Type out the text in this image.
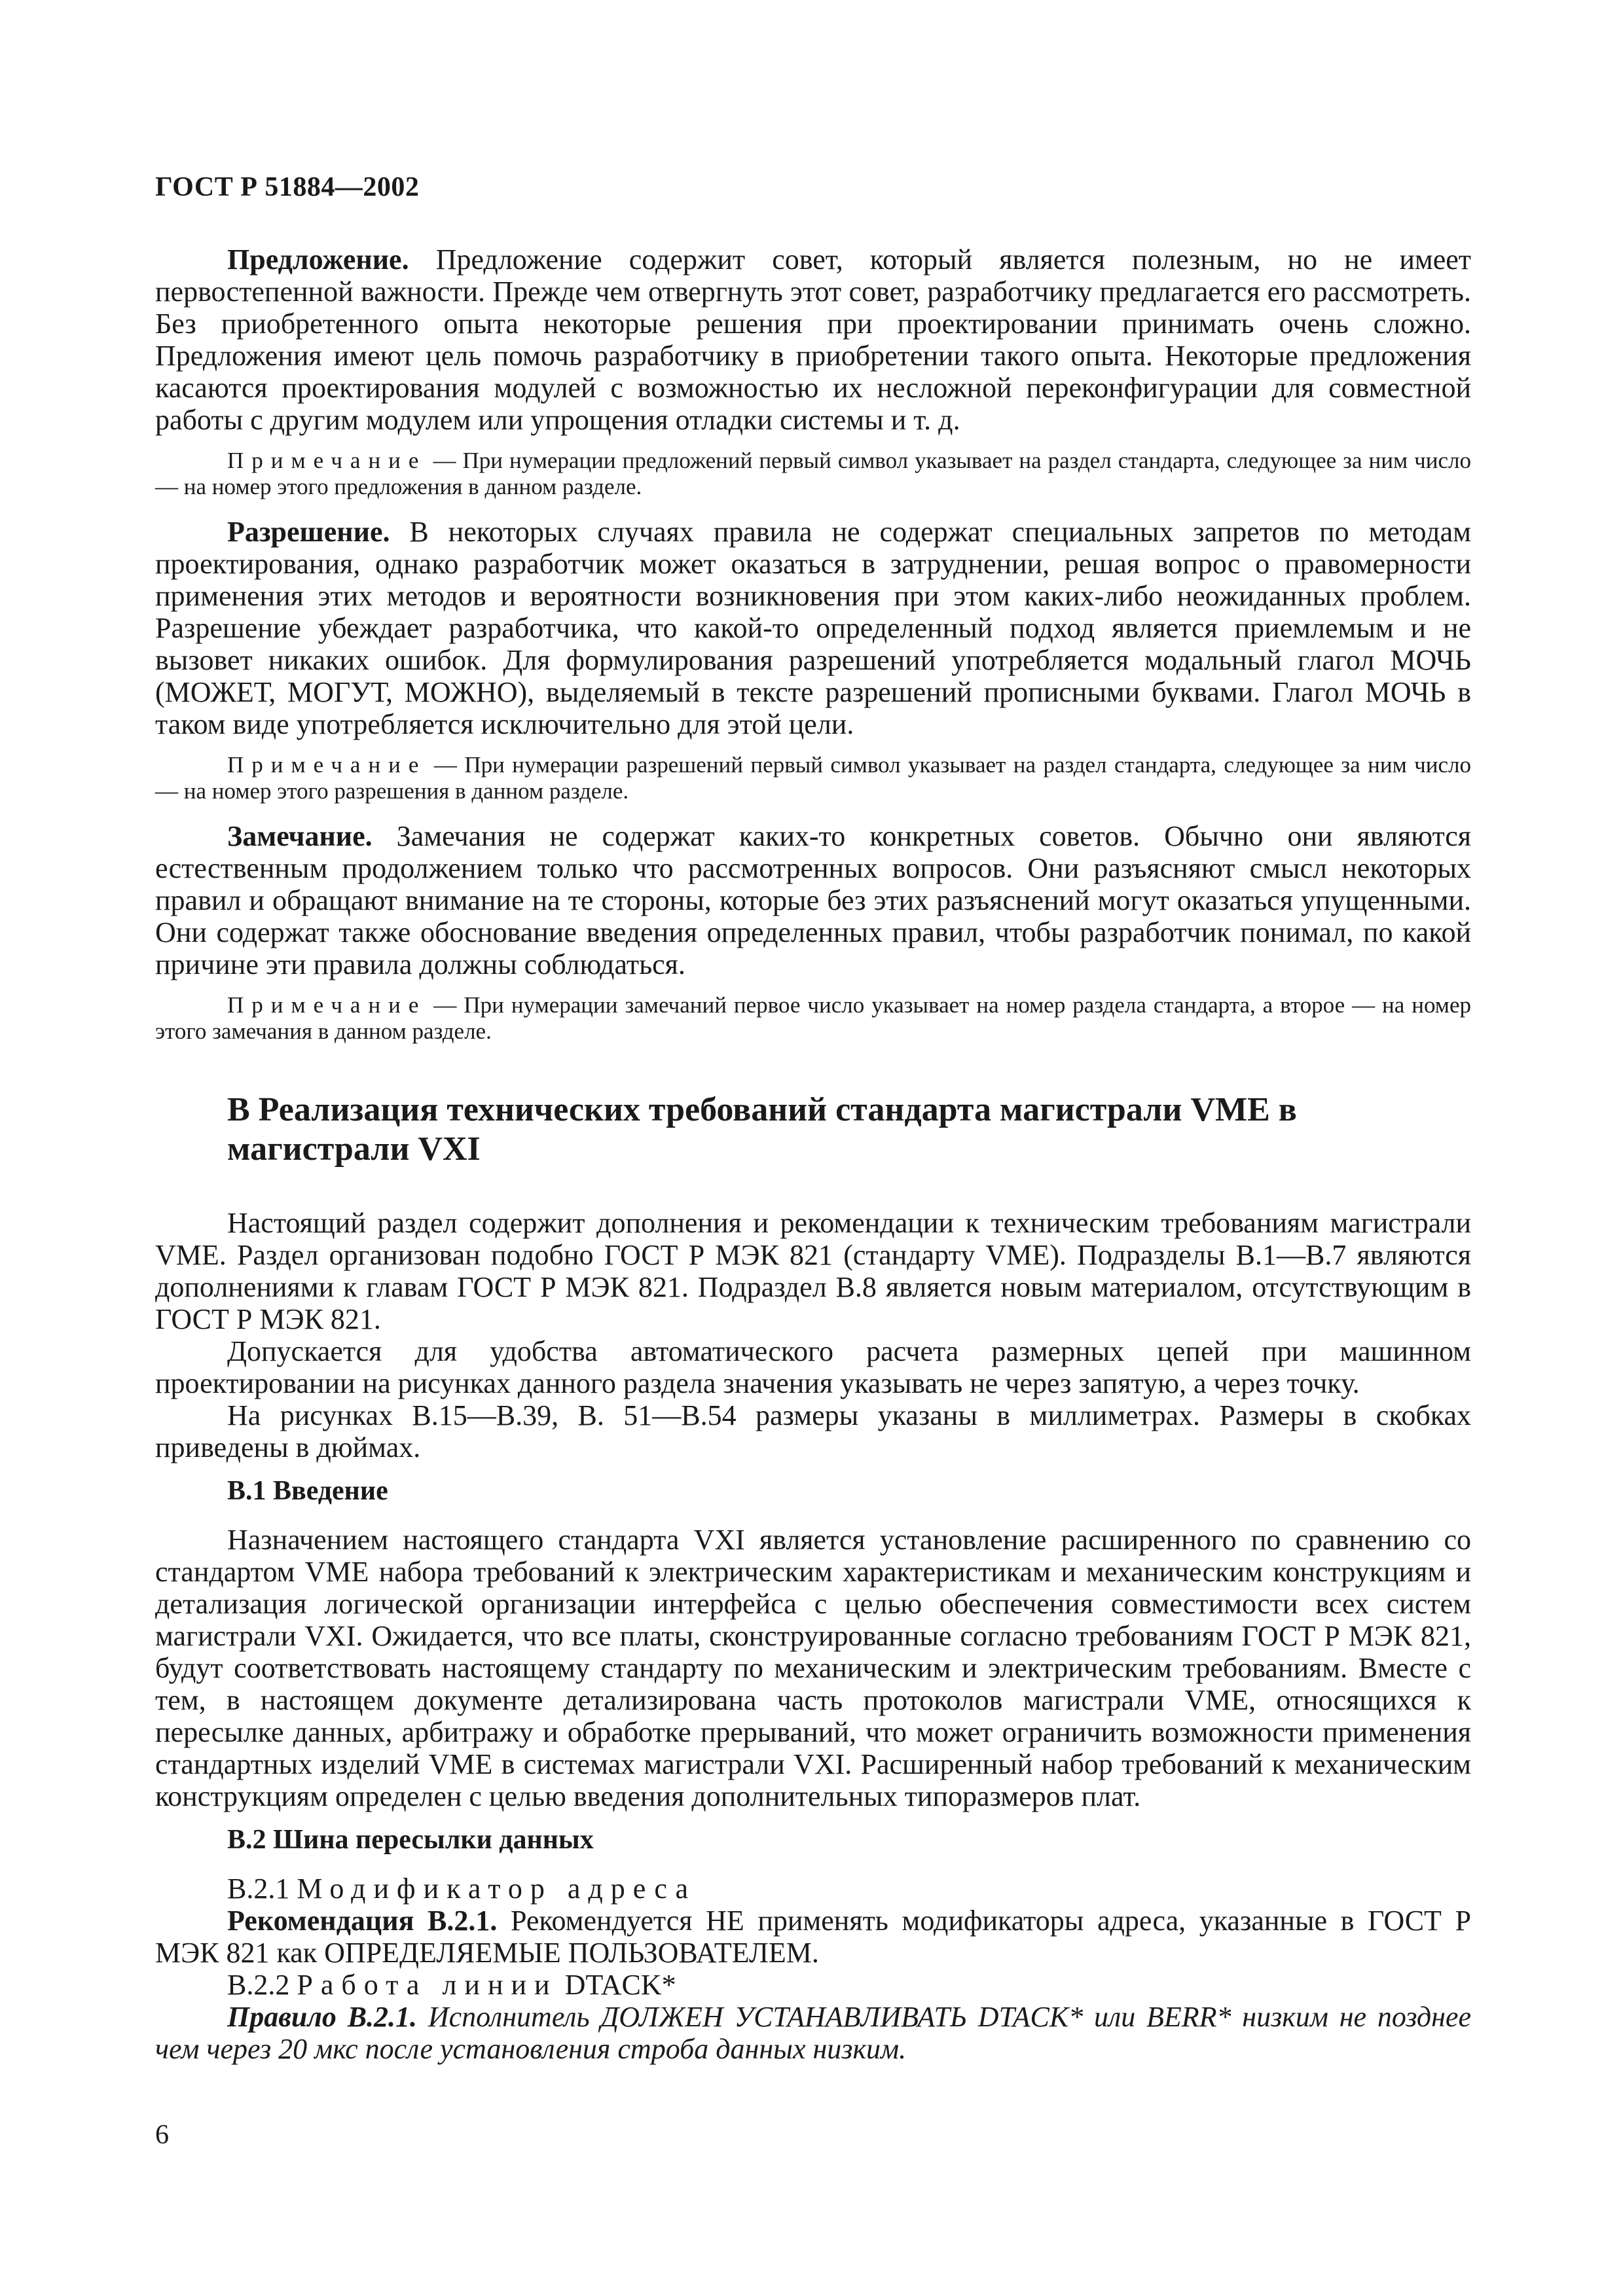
ГОСТ Р 51884—2002

Предложение. Предложение содержит совет, который является полезным, но не имеет первостепенной важности. Прежде чем отвергнуть этот совет, разработчику предлагается его рассмотреть. Без приобретенного опыта некоторые решения при проектировании принимать очень сложно. Предложения имеют цель помочь разработчику в приобретении такого опыта. Некоторые предложения касаются проектирования модулей с возможностью их несложной переконфигурации для совместной работы с другим модулем или упрощения отладки системы и т. д.

Примечание — При нумерации предложений первый символ указывает на раздел стандарта, следующее за ним число — на номер этого предложения в данном разделе.

Разрешение. В некоторых случаях правила не содержат специальных запретов по методам проектирования, однако разработчик может оказаться в затруднении, решая вопрос о правомерности применения этих методов и вероятности возникновения при этом каких-либо неожиданных проблем. Разрешение убеждает разработчика, что какой-то определенный подход является приемлемым и не вызовет никаких ошибок. Для формулирования разрешений употребляется модальный глагол МОЧЬ (МОЖЕТ, МОГУТ, МОЖНО), выделяемый в тексте разрешений прописными буквами. Глагол МОЧЬ в таком виде употребляется исключительно для этой цели.

Примечание — При нумерации разрешений первый символ указывает на раздел стандарта, следующее за ним число — на номер этого разрешения в данном разделе.

Замечание. Замечания не содержат каких-то конкретных советов. Обычно они являются естественным продолжением только что рассмотренных вопросов. Они разъясняют смысл некоторых правил и обращают внимание на те стороны, которые без этих разъяснений могут оказаться упущенными. Они содержат также обоснование введения определенных правил, чтобы разработчик понимал, по какой причине эти правила должны соблюдаться.

Примечание — При нумерации замечаний первое число указывает на номер раздела стандарта, а второе — на номер этого замечания в данном разделе.

В Реализация технических требований стандарта магистрали VME в магистрали VXI

Настоящий раздел содержит дополнения и рекомендации к техническим требованиям магистрали VME. Раздел организован подобно ГОСТ Р МЭК 821 (стандарту VME). Подразделы В.1—В.7 являются дополнениями к главам ГОСТ Р МЭК 821. Подраздел В.8 является новым материалом, отсутствующим в ГОСТ Р МЭК 821.

Допускается для удобства автоматического расчета размерных цепей при машинном проектировании на рисунках данного раздела значения указывать не через запятую, а через точку.

На рисунках В.15—В.39, В. 51—В.54 размеры указаны в миллиметрах. Размеры в скобках приведены в дюймах.

В.1 Введение

Назначением настоящего стандарта VXI является установление расширенного по сравнению со стандартом VME набора требований к электрическим характеристикам и механическим конструкциям и детализация логической организации интерфейса с целью обеспечения совместимости всех систем магистрали VXI. Ожидается, что все платы, сконструированные согласно требованиям ГОСТ Р МЭК 821, будут соответствовать настоящему стандарту по механическим и электрическим требованиям. Вместе с тем, в настоящем документе детализирована часть протоколов магистрали VME, относящихся к пересылке данных, арбитражу и обработке прерываний, что может ограничить возможности применения стандартных изделий VME в системах магистрали VXI. Расширенный набор требований к механическим конструкциям определен с целью введения дополнительных типоразмеров плат.

В.2 Шина пересылки данных

В.2.1 Модификатор адреса

Рекомендация В.2.1. Рекомендуется НЕ применять модификаторы адреса, указанные в ГОСТ Р МЭК 821 как ОПРЕДЕЛЯЕМЫЕ ПОЛЬЗОВАТЕЛЕМ.

В.2.2 Работа линии DTACK*

Правило В.2.1. Исполнитель ДОЛЖЕН УСТАНАВЛИВАТЬ DTACK* или BERR* низким не позднее чем через 20 мкс после установления строба данных низким.

6
